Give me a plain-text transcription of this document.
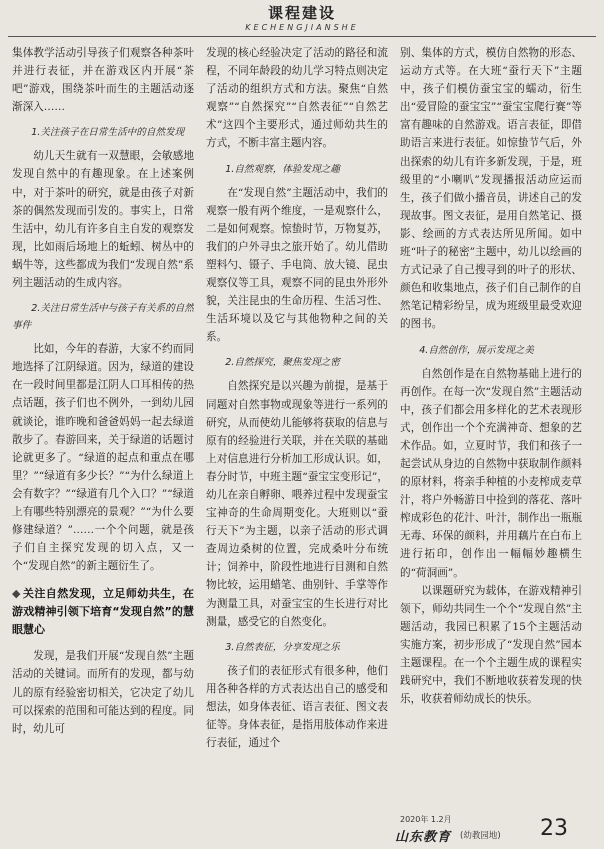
课程建设
KECHENGJIANSHE

集体教学活动引导孩子们观察各种茶叶并进行表征，并在游戏区内开展“茶吧”游戏，围绕茶叶而生的主题活动逐渐深入……

1.关注孩子在日常生活中的自然发现

幼儿天生就有一双慧眼，会敏感地发现自然中的有趣现象。在上述案例中，对于茶叶的研究，就是由孩子对新茶的偶然发现而引发的。事实上，日常生活中，幼儿有许多自主自发的观察发现，比如雨后场地上的蚯蚓、树丛中的蜗牛等，这些都成为我们“发现自然”系列主题活动的生成内容。

2.关注日常生活中与孩子有关系的自然事件

比如，今年的春游，大家不约而同地选择了江阴绿道。因为，绿道的建设在一段时间里都是江阴人口耳相传的热点话题，孩子们也不例外，一到幼儿园就谈论，谁昨晚和爸爸妈妈一起去绿道散步了。春游回来，关于绿道的话题讨论就更多了。“绿道的起点和重点在哪里？”“绿道有多少长？”“为什么绿道上会有数字？”“绿道有几个入口？”“绿道上有哪些特别漂亮的景观？”“为什么要修建绿道？”……一个个问题，就是孩子们自主探究发现的切入点，又一个“发现自然”的新主题衍生了。

◆ 关注自然发现，立足师幼共生，在游戏精神引领下培育“发现自然”的慧眼慧心

发现，是我们开展“发现自然”主题活动的关键词。而所有的发现，都与幼儿的原有经验密切相关，它决定了幼儿可以探索的范围和可能达到的程度。同时，幼儿可

发现的核心经验决定了活动的路径和流程，不同年龄段的幼儿学习特点则决定了活动的组织方式和方法。聚焦“自然观察”“自然探究”“自然表征”“自然艺术”这四个主要形式，通过师幼共生的方式，不断丰富主题内容。

1.自然观察，体验发现之趣

在“发现自然”主题活动中，我们的观察一般有两个维度，一是观察什么，二是如何观察。惊蛰时节，万物复苏，我们的户外寻虫之旅开始了。幼儿借助塑料勺、镊子、手电筒、放大镜、昆虫观察仪等工具，观察不同的昆虫外形外貌，关注昆虫的生命历程、生活习性、生活环境以及它与其他物种之间的关系。

2.自然探究，聚焦发现之密

自然探究是以兴趣为前提，是基于同题对自然事物或现象等进行一系列的研究，从而使幼儿能够将获取的信息与原有的经验进行关联，并在关联的基础上对信息进行分析加工形成认识。如，春分时节，中班主题“蚕宝宝变形记”，幼儿在亲自孵卵、喂养过程中发现蚕宝宝神奇的生命周期变化。大班则以“蚕行天下”为主题，以亲子活动的形式调查周边桑树的位置，完成桑叶分布统计；饲养中，阶段性地进行目测和自然物比较，运用蜡笔、曲别针、手掌等作为测量工具，对蚕宝宝的生长进行对比测量，感受它的自然变化。

3.自然表征，分享发现之乐

孩子们的表征形式有很多种，他们用各种各样的方式表达出自己的感受和想法，如身体表征、语言表征、图文表征等。身体表征，是指用肢体动作来进行表征，通过个

别、集体的方式，模仿自然物的形态、运动方式等。在大班“蚕行天下”主题中，孩子们模仿蚕宝宝的蠕动，衍生出“爱冒险的蚕宝宝”“蚕宝宝爬行赛”等富有趣味的自然游戏。语言表征，即借助语言来进行表征。如惊蛰节气后，外出探索的幼儿有许多新发现，于是，班级里的“小喇叭”发现播报活动应运而生，孩子们做小播音员，讲述自己的发现故事。图文表征，是用自然笔记、摄影、绘画的方式表达所见所闻。如中班“叶子的秘密”主题中，幼儿以绘画的方式记录了自己搜寻到的叶子的形状、颜色和收集地点，孩子们自己制作的自然笔记精彩纷呈，成为班级里最受欢迎的图书。

4.自然创作，展示发现之美

自然创作是在自然物基础上进行的再创作。在每一次“发现自然”主题活动中，孩子们都会用多样化的艺术表现形式，创作出一个个充满神奇、想象的艺术作品。如，立夏时节，我们和孩子一起尝试从身边的自然物中获取制作颜料的原材料，将亲手种植的小麦榨成麦草汁，将户外畅游日中捡到的落花、落叶榨成彩色的花汁、叶汁，制作出一瓶瓶无毒、环保的颜料，并用藕片在白布上进行拓印，创作出一幅幅妙趣横生的“荷洞画”。

以课题研究为载体，在游戏精神引领下，师幼共同生一个个“发现自然”主题活动，我园已积累了15个主题活动实施方案，初步形成了“发现自然”园本主题课程。在一个个主题生成的课程实践研究中，我们不断地收获着发现的快乐，收获着师幼成长的快乐。

2020年 1.2月
山东教育 (幼教园地) 23
